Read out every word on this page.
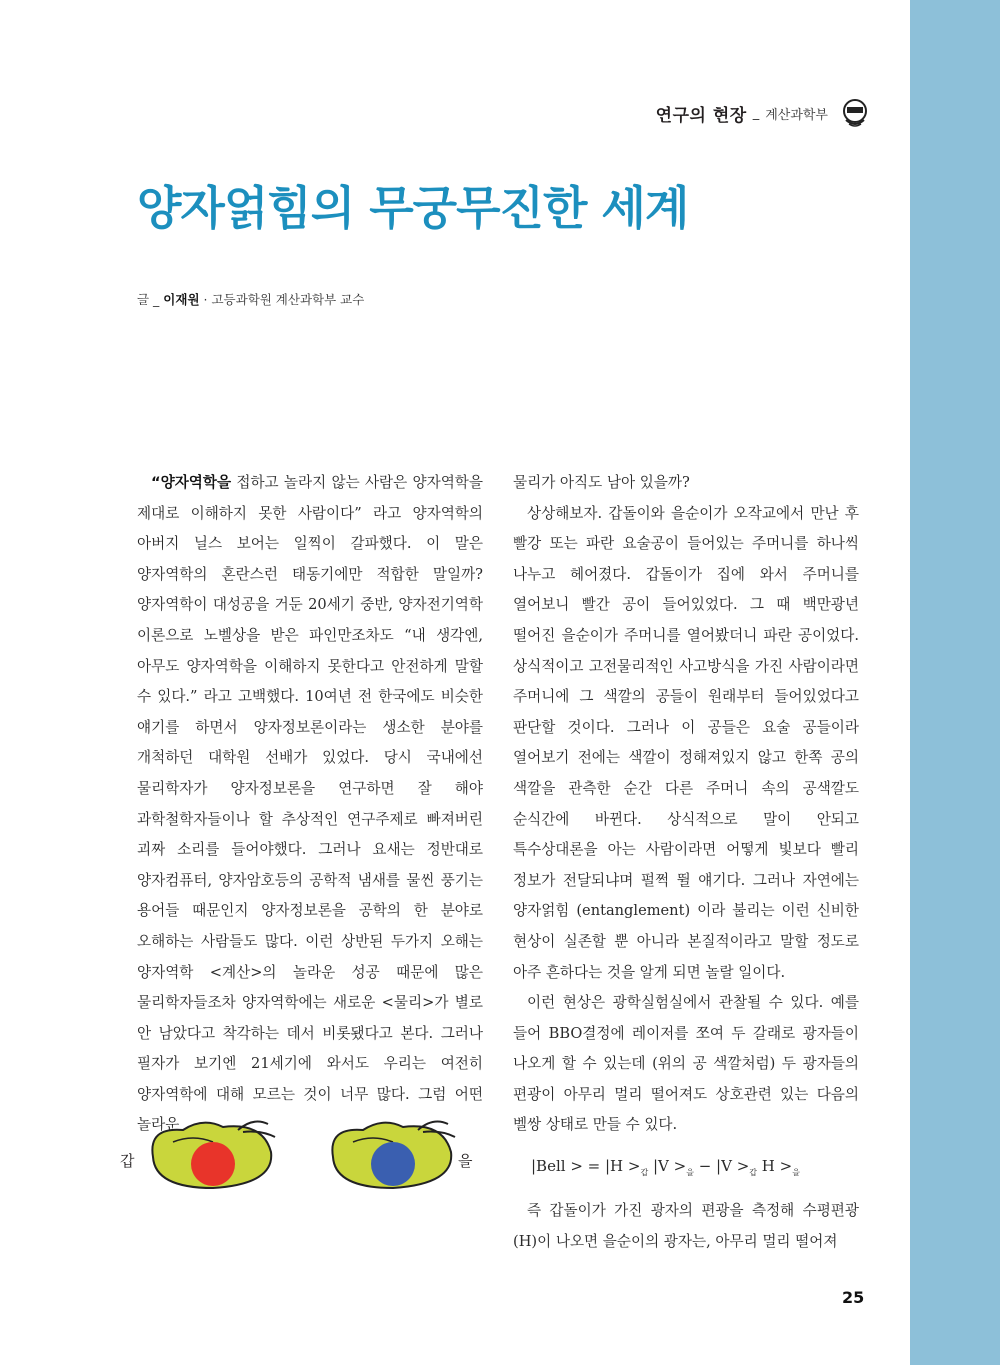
연구의 현장 _ 계산과학부
양자얽힘의 무궁무진한 세계
글 _ 이재원 · 고등과학원 계산과학부 교수

“양자역학을 접하고 놀라지 않는 사람은 양자역학을 제대로 이해하지 못한 사람이다” 라고 양자역학의 아버지 닐스 보어는 일찍이 갈파했다. 이 말은 양자역학의 혼란스런 태동기에만 적합한 말일까? 양자역학이 대성공을 거둔 20세기 중반, 양자전기역학 이론으로 노벨상을 받은 파인만조차도 “내 생각엔, 아무도 양자역학을 이해하지 못한다고 안전하게 말할 수 있다.” 라고 고백했다. 10여년 전 한국에도 비슷한 얘기를 하면서 양자정보론이라는 생소한 분야를 개척하던 대학원 선배가 있었다. 당시 국내에선 물리학자가 양자정보론을 연구하면 잘 해야 과학철학자들이나 할 추상적인 연구주제로 빠져버린 괴짜 소리를 들어야했다. 그러나 요새는 정반대로 양자컴퓨터, 양자암호등의 공학적 냄새를 물씬 풍기는 용어들 때문인지 양자정보론을 공학의 한 분야로 오해하는 사람들도 많다. 이런 상반된 두가지 오해는 양자역학 <계산>의 놀라운 성공 때문에 많은 물리학자들조차 양자역학에는 새로운 <물리>가 별로 안 남았다고 착각하는 데서 비롯됐다고 본다. 그러나 필자가 보기엔 21세기에 와서도 우리는 여전히 양자역학에 대해 모르는 것이 너무 많다. 그럼 어떤 놀라운

물리가 아직도 남아 있을까?

상상해보자. 갑돌이와 을순이가 오작교에서 만난 후 빨강 또는 파란 요술공이 들어있는 주머니를 하나씩 나누고 헤어졌다. 갑돌이가 집에 와서 주머니를 열어보니 빨간 공이 들어있었다. 그 때 백만광년 떨어진 을순이가 주머니를 열어봤더니 파란 공이었다. 상식적이고 고전물리적인 사고방식을 가진 사람이라면 주머니에 그 색깔의 공들이 원래부터 들어있었다고 판단할 것이다. 그러나 이 공들은 요술 공들이라 열어보기 전에는 색깔이 정해져있지 않고 한쪽 공의 색깔을 관측한 순간 다른 주머니 속의 공색깔도 순식간에 바뀐다. 상식적으로 말이 안되고 특수상대론을 아는 사람이라면 어떻게 빛보다 빨리 정보가 전달되냐며 펄쩍 뛸 얘기다. 그러나 자연에는 양자얽힘 (entanglement) 이라 불리는 이런 신비한 현상이 실존할 뿐 아니라 본질적이라고 말할 정도로 아주 흔하다는 것을 알게 되면 놀랄 일이다.

이런 현상은 광학실험실에서 관찰될 수 있다. 예를 들어 BBO결정에 레이저를 쪼여 두 갈래로 광자들이 나오게 할 수 있는데 (위의 공 색깔처럼) 두 광자들의 편광이 아무리 멀리 떨어져도 상호관련 있는 다음의 벨쌍 상태로 만들 수 있다.

|Bell > = $|H >_갑$ $|V >_을 - |V >_갑$ $H >_을$

즉 갑돌이가 가진 광자의 편광을 측정해 수평편광 (H)이 나오면 을순이의 광자는, 아무리 멀리 떨어져

갑	을
25
